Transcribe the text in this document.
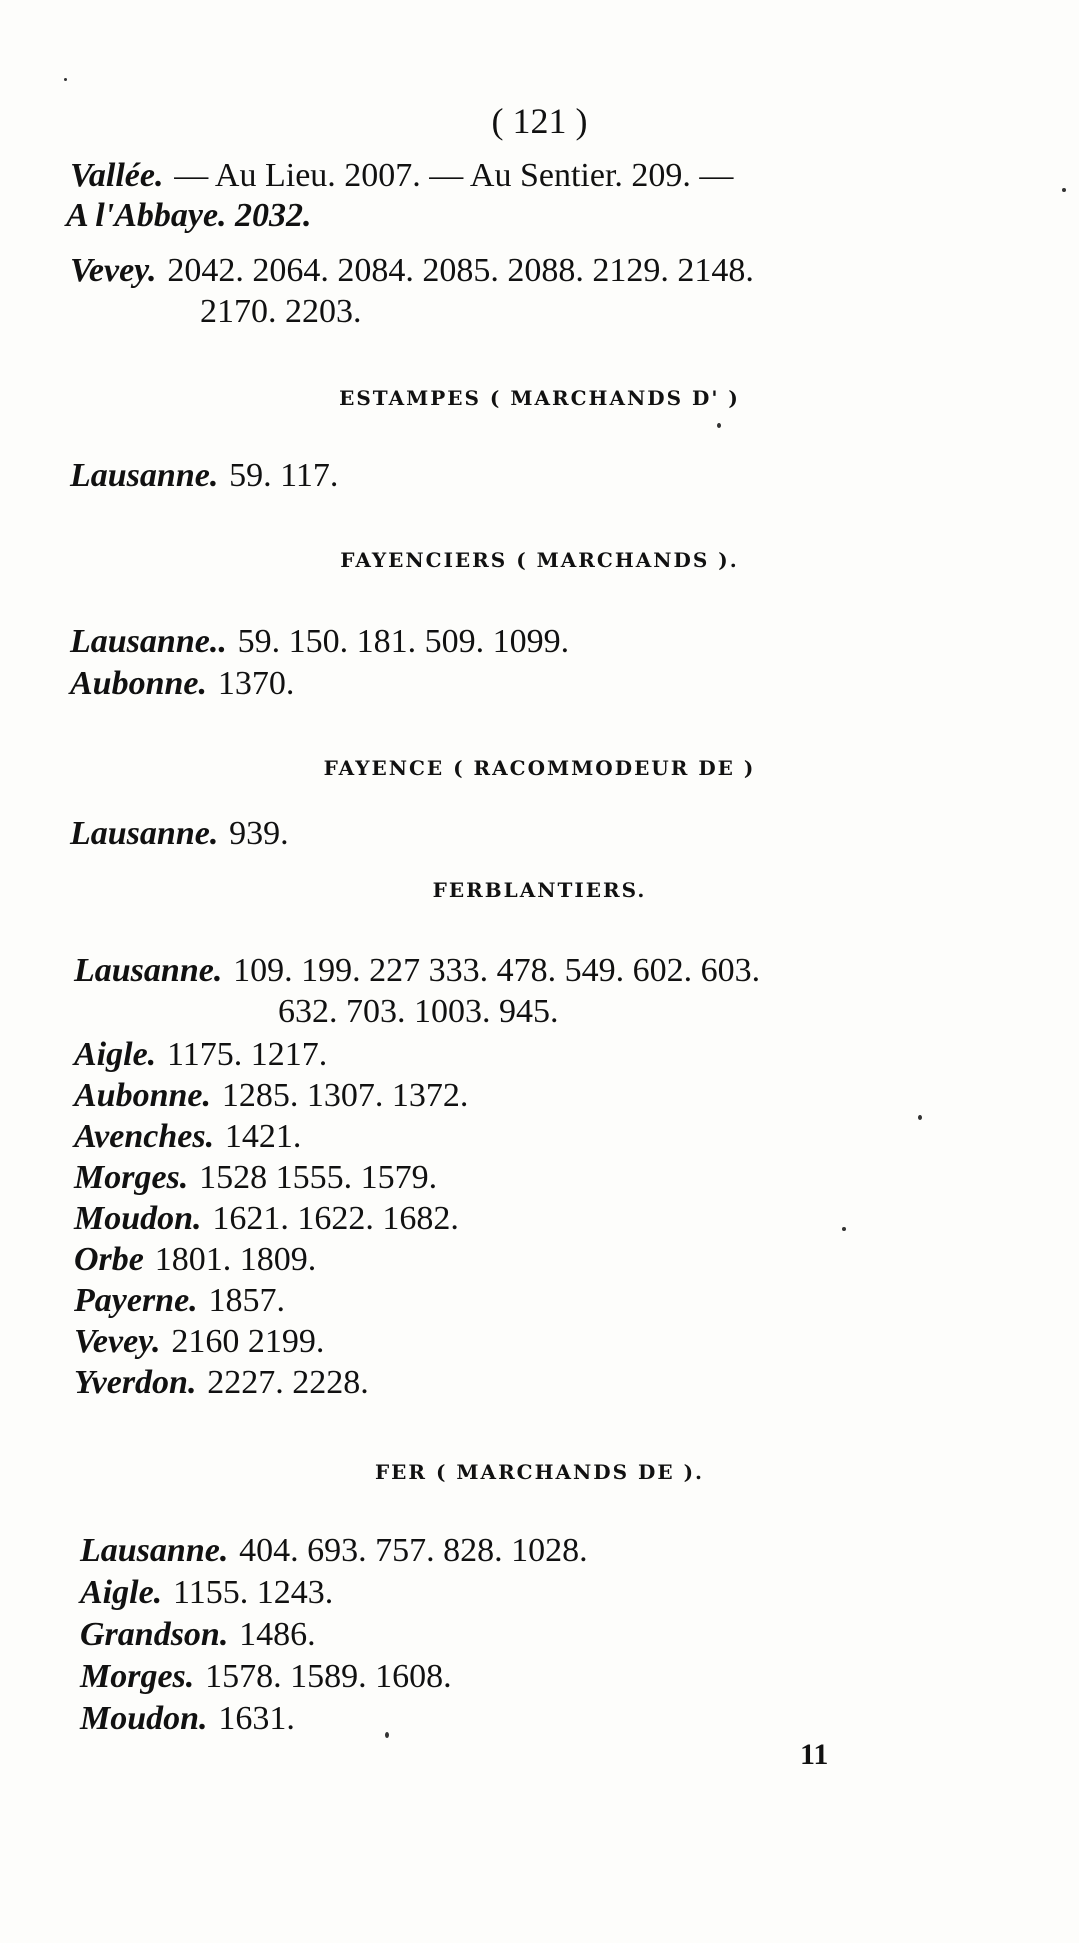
( 121 )
Vallée. — Au Lieu. 2007. — Au Sentier. 209. —
A l'Abbaye. 2032.
Vevey. 2042. 2064. 2084. 2085. 2088. 2129. 2148.
2170. 2203.
ESTAMPES ( MARCHANDS D' )
Lausanne. 59. 117.
FAYENCIERS ( MARCHANDS ).
Lausanne.. 59. 150. 181. 509. 1099.
Aubonne. 1370.
FAYENCE ( RACOMMODEUR DE )
Lausanne. 939.
FERBLANTIERS.
Lausanne. 109. 199. 227 333. 478. 549. 602. 603.
632. 703. 1003. 945.
Aigle. 1175. 1217.
Aubonne. 1285. 1307. 1372.
Avenches. 1421.
Morges. 1528 1555. 1579.
Moudon. 1621. 1622. 1682.
Orbe 1801. 1809.
Payerne. 1857.
Vevey. 2160 2199.
Yverdon. 2227. 2228.
FER ( MARCHANDS DE ).
Lausanne. 404. 693. 757. 828. 1028.
Aigle. 1155. 1243.
Grandson. 1486.
Morges. 1578. 1589. 1608.
Moudon. 1631.
11
